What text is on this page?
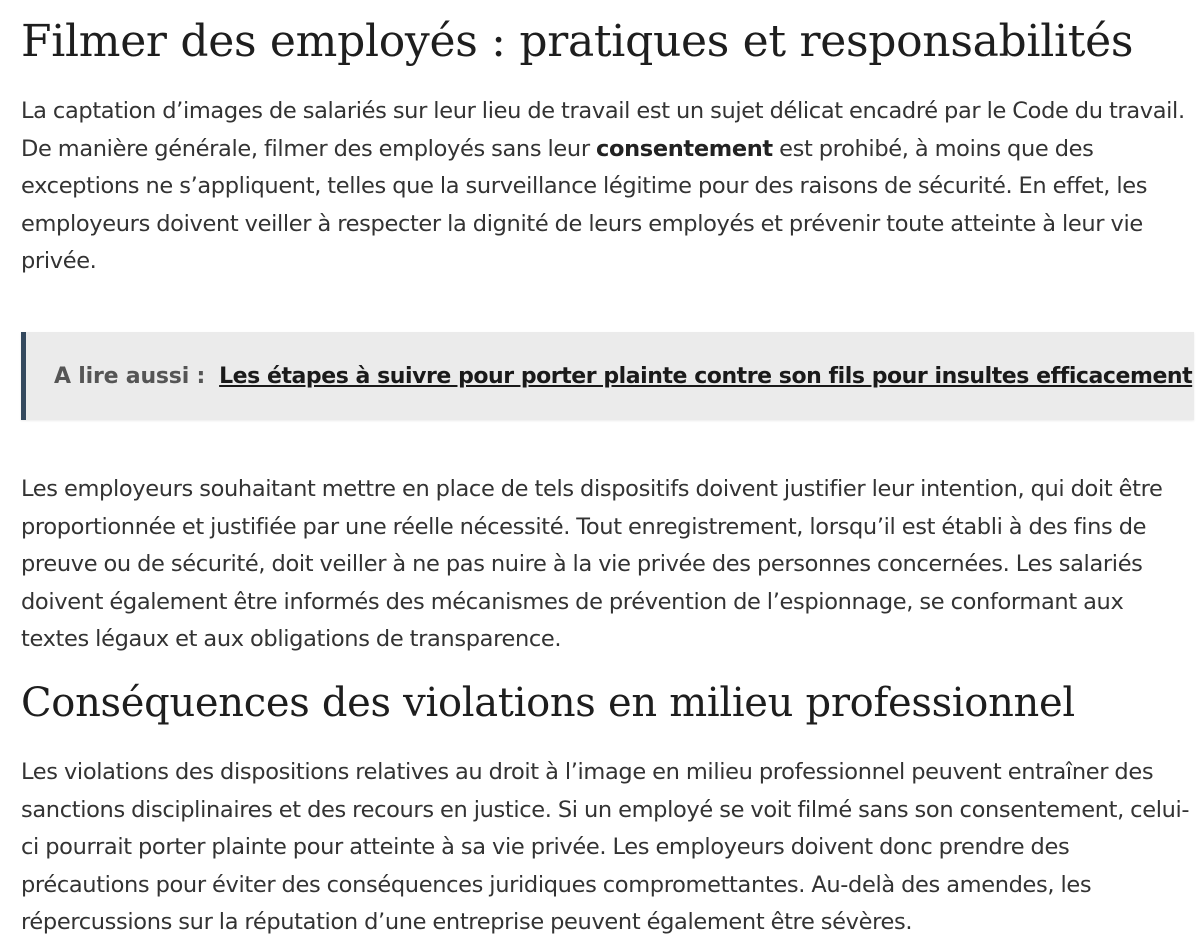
Filmer des employés : pratiques et responsabilités

La captation d’images de salariés sur leur lieu de travail est un sujet délicat encadré par le Code du travail. De manière générale, filmer des employés sans leur consentement est prohibé, à moins que des exceptions ne s’appliquent, telles que la surveillance légitime pour des raisons de sécurité. En effet, les employeurs doivent veiller à respecter la dignité de leurs employés et prévenir toute atteinte à leur vie privée.

A lire aussi : Les étapes à suivre pour porter plainte contre son fils pour insultes efficacement

Les employeurs souhaitant mettre en place de tels dispositifs doivent justifier leur intention, qui doit être proportionnée et justifiée par une réelle nécessité. Tout enregistrement, lorsqu’il est établi à des fins de preuve ou de sécurité, doit veiller à ne pas nuire à la vie privée des personnes concernées. Les salariés doivent également être informés des mécanismes de prévention de l’espionnage, se conformant aux textes légaux et aux obligations de transparence.

Conséquences des violations en milieu professionnel

Les violations des dispositions relatives au droit à l’image en milieu professionnel peuvent entraîner des sanctions disciplinaires et des recours en justice. Si un employé se voit filmé sans son consentement, celui-ci pourrait porter plainte pour atteinte à sa vie privée. Les employeurs doivent donc prendre des précautions pour éviter des conséquences juridiques compromettantes. Au-delà des amendes, les répercussions sur la réputation d’une entreprise peuvent également être sévères.
